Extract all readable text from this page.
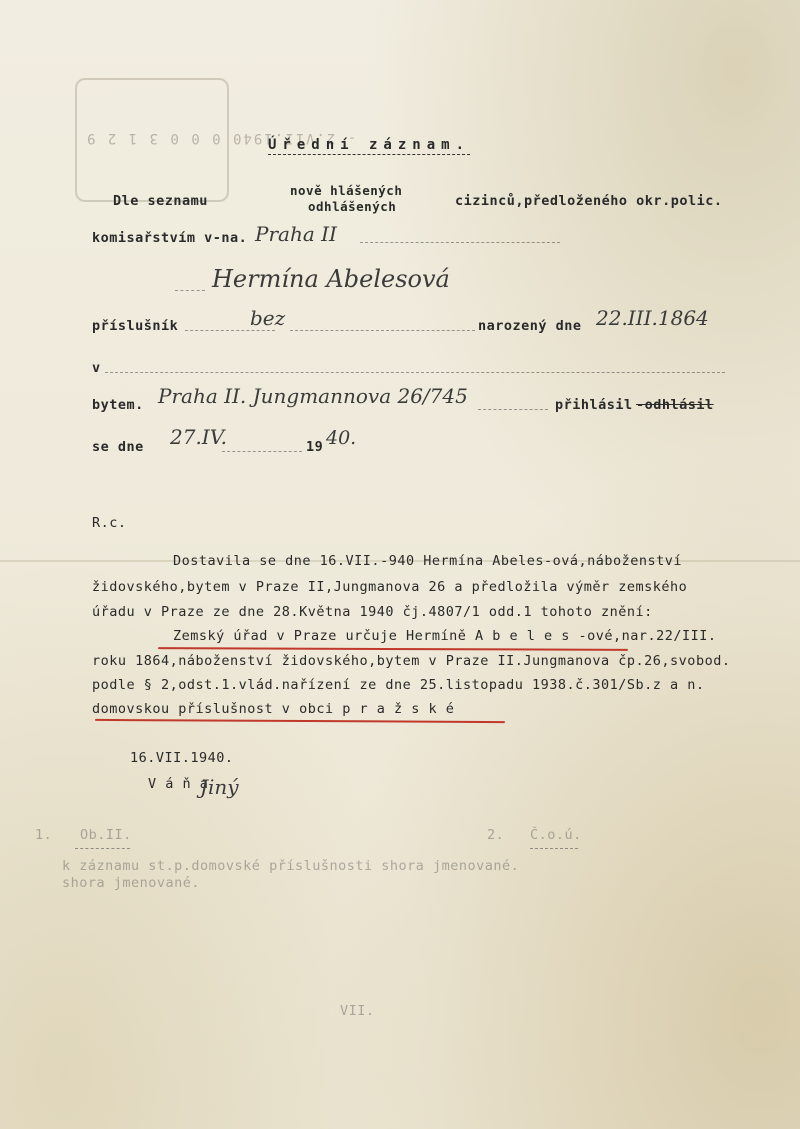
- 2.VII.1940 0 0 0 3 1 2 9
Úřední záznam.
Dle seznamu
nově hlášených
odhlášených	cizinců,předloženého okr.polic.
komisařstvím v-na. Praha II
Hermína Abelesová
příslušník	bez	narozený dne 22.III.1864
v
bytem. Praha II. Jungmannova 26/745	přihlásil -odhlásil
se dne 27.IV.	19 40.
R.c.
Dostavila se dne 16.VII.-940 Hermína Abeles-ová,náboženství
židovského,bytem v Praze II,Jungmanova 26 a předložila výměr zemského
úřadu v Praze ze dne 28.Května 1940 čj.4807/1 odd.1 tohoto znění:
Zemský úřad v Praze určuje Hermíně A b e l e s -ové,nar.22/III.
roku 1864,náboženství židovského,bytem v Praze II.Jungmanova čp.26,svobod.
podle § 2,odst.1.vlád.nařízení ze dne 25.listopadu 1938.č.301/Sb.z a n.
domovskou příslušnost v obci p r a ž s k é
16.VII.1940.
V á ň a
Jiný
1. Ob.II.	2. Č.o.ú.
k záznamu st.p.domovské příslušnosti shora jmenované.
shora jmenované.
VII.
